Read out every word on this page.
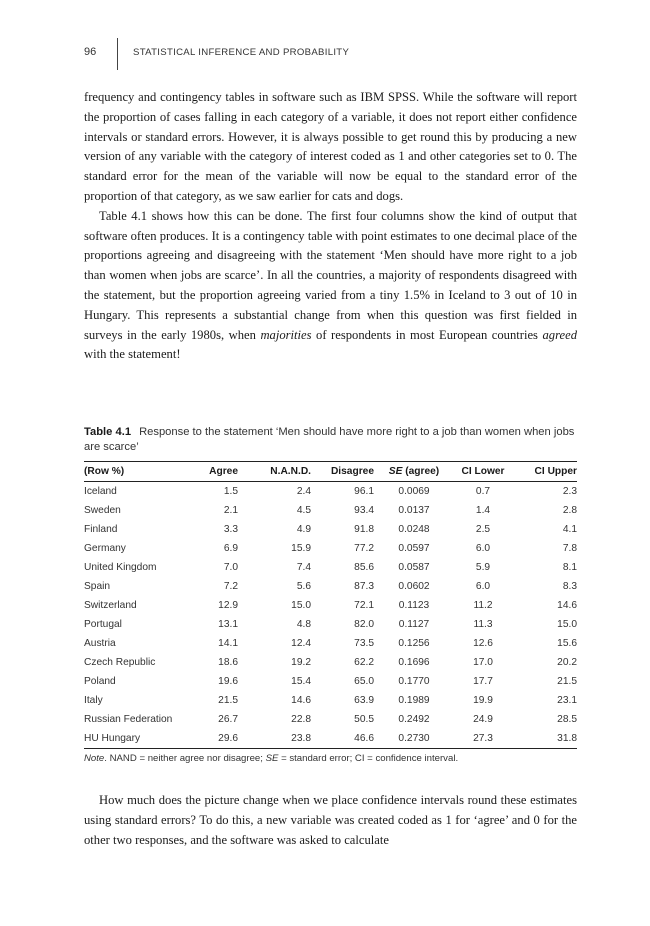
96	STATISTICAL INFERENCE AND PROBABILITY

frequency and contingency tables in software such as IBM SPSS. While the software will report the proportion of cases falling in each category of a variable, it does not report either confidence intervals or standard errors. However, it is always possible to get round this by producing a new version of any variable with the category of interest coded as 1 and other categories set to 0. The standard error for the mean of the variable will now be equal to the standard error of the proportion of that category, as we saw earlier for cats and dogs.

Table 4.1 shows how this can be done. The first four columns show the kind of output that software often produces. It is a contingency table with point estimates to one decimal place of the proportions agreeing and disagreeing with the statement ‘Men should have more right to a job than women when jobs are scarce’. In all the countries, a majority of respondents disagreed with the statement, but the proportion agreeing varied from a tiny 1.5% in Iceland to 3 out of 10 in Hungary. This represents a substantial change from when this question was first fielded in surveys in the early 1980s, when majorities of respondents in most European countries agreed with the statement!

Table 4.1 Response to the statement ‘Men should have more right to a job than women when jobs are scarce’
(Row %)	Agree	N.A.N.D.	Disagree	SE (agree)	CI Lower	CI Upper
Iceland	1.5	2.4	96.1	0.0069	0.7	2.3
Sweden	2.1	4.5	93.4	0.0137	1.4	2.8
Finland	3.3	4.9	91.8	0.0248	2.5	4.1
Germany	6.9	15.9	77.2	0.0597	6.0	7.8
United Kingdom	7.0	7.4	85.6	0.0587	5.9	8.1
Spain	7.2	5.6	87.3	0.0602	6.0	8.3
Switzerland	12.9	15.0	72.1	0.1123	11.2	14.6
Portugal	13.1	4.8	82.0	0.1127	11.3	15.0
Austria	14.1	12.4	73.5	0.1256	12.6	15.6
Czech Republic	18.6	19.2	62.2	0.1696	17.0	20.2
Poland	19.6	15.4	65.0	0.1770	17.7	21.5
Italy	21.5	14.6	63.9	0.1989	19.9	23.1
Russian Federation	26.7	22.8	50.5	0.2492	24.9	28.5
HU Hungary	29.6	23.8	46.6	0.2730	27.3	31.8
Note. NAND = neither agree nor disagree; SE = standard error; CI = confidence interval.

How much does the picture change when we place confidence intervals round these estimates using standard errors? To do this, a new variable was created coded as 1 for ‘agree’ and 0 for the other two responses, and the software was asked to calculate
